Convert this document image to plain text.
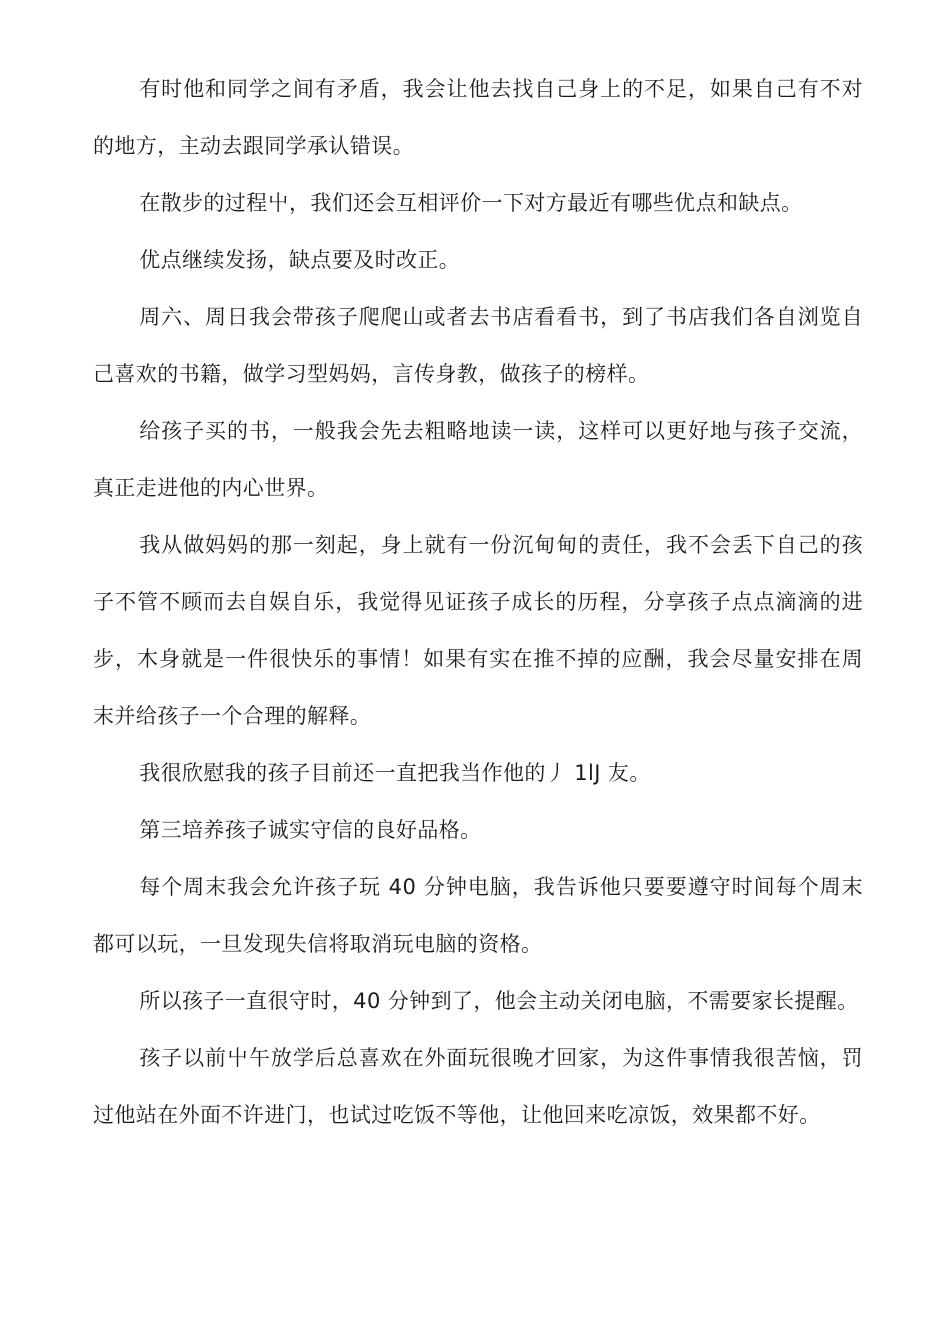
有时他和同学之间有矛盾，我会让他去找自己身上的不足，如果自己有不对的地方，主动去跟同学承认错误。

在散步的过程屮，我们还会互相评价一下对方最近有哪些优点和缺点。

优点继续发扬，缺点要及时改正。

周六、周日我会带孩子爬爬山或者去书店看看书，到了书店我们各自浏览自己喜欢的书籍，做学习型妈妈，言传身教，做孩子的榜样。

给孩子买的书，一般我会先去粗略地读一读，这样可以更好地与孩子交流，真正走进他的内心世界。

我从做妈妈的那一刻起，身上就有一份沉甸甸的责任，我不会丢下自己的孩子不管不顾而去自娱自乐，我觉得见证孩子成长的历程，分享孩子点点滴滴的进步，木身就是一件很快乐的事情！如果有实在推不掉的应酬，我会尽量安排在周末并给孩子一个合理的解释。

我很欣慰我的孩子目前还一直把我当作他的丿 1lJ 友。

第三培养孩子诚实守信的良好品格。

每个周末我会允许孩子玩 40 分钟电脑，我告诉他只要要遵守时间每个周末都可以玩，一旦发现失信将取消玩电脑的资格。

所以孩子一直很守时，40 分钟到了，他会主动关闭电脑，不需要家长提醒。

孩子以前屮午放学后总喜欢在外面玩很晚才回家，为这件事情我很苦恼，罚过他站在外面不许进门，也试过吃饭不等他，让他回来吃凉饭，效果都不好。
